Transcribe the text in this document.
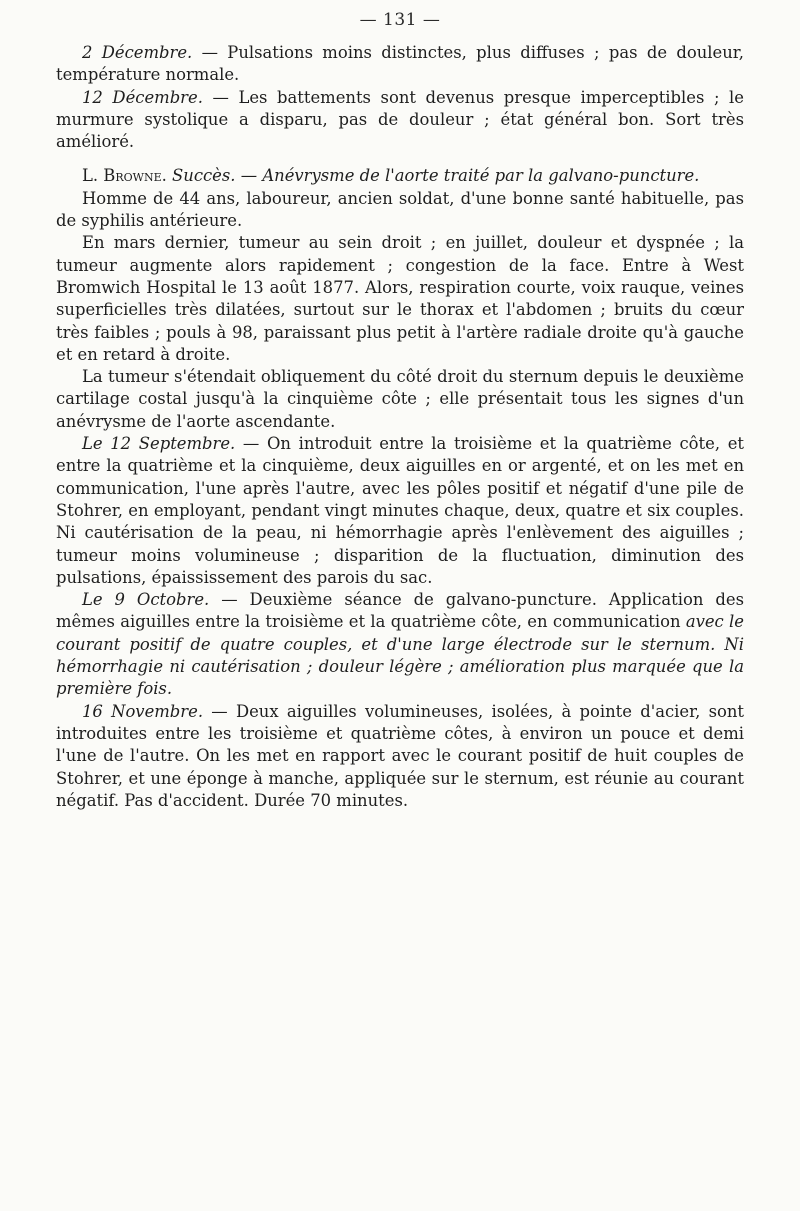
— 131 —

2 Décembre. — Pulsations moins distinctes, plus diffuses ; pas de douleur, température normale.

12 Décembre. — Les battements sont devenus presque imperceptibles ; le murmure systolique a disparu, pas de douleur ; état général bon. Sort très amélioré.

L. Browne. Succès. — Anévrysme de l'aorte traité par la galvano-puncture.

Homme de 44 ans, laboureur, ancien soldat, d'une bonne santé habituelle, pas de syphilis antérieure.

En mars dernier, tumeur au sein droit ; en juillet, douleur et dyspnée ; la tumeur augmente alors rapidement ; congestion de la face. Entre à West Bromwich Hospital le 13 août 1877. Alors, respiration courte, voix rauque, veines superficielles très dilatées, surtout sur le thorax et l'abdomen ; bruits du cœur très faibles ; pouls à 98, paraissant plus petit à l'artère radiale droite qu'à gauche et en retard à droite.

La tumeur s'étendait obliquement du côté droit du sternum depuis le deuxième cartilage costal jusqu'à la cinquième côte ; elle présentait tous les signes d'un anévrysme de l'aorte ascendante.

Le 12 Septembre. — On introduit entre la troisième et la quatrième côte, et entre la quatrième et la cinquième, deux aiguilles en or argenté, et on les met en communication, l'une après l'autre, avec les pôles positif et négatif d'une pile de Stohrer, en employant, pendant vingt minutes chaque, deux, quatre et six couples. Ni cautérisation de la peau, ni hémorrhagie après l'enlèvement des aiguilles ; tumeur moins volumineuse ; disparition de la fluctuation, diminution des pulsations, épaississement des parois du sac.

Le 9 Octobre. — Deuxième séance de galvano-puncture. Application des mêmes aiguilles entre la troisième et la quatrième côte, en communication avec le courant positif de quatre couples, et d'une large électrode sur le sternum. Ni hémorrhagie ni cautérisation ; douleur légère ; amélioration plus marquée que la première fois.

16 Novembre. — Deux aiguilles volumineuses, isolées, à pointe d'acier, sont introduites entre les troisième et quatrième côtes, à environ un pouce et demi l'une de l'autre. On les met en rapport avec le courant positif de huit couples de Stohrer, et une éponge à manche, appliquée sur le sternum, est réunie au courant négatif. Pas d'accident. Durée 70 minutes.
